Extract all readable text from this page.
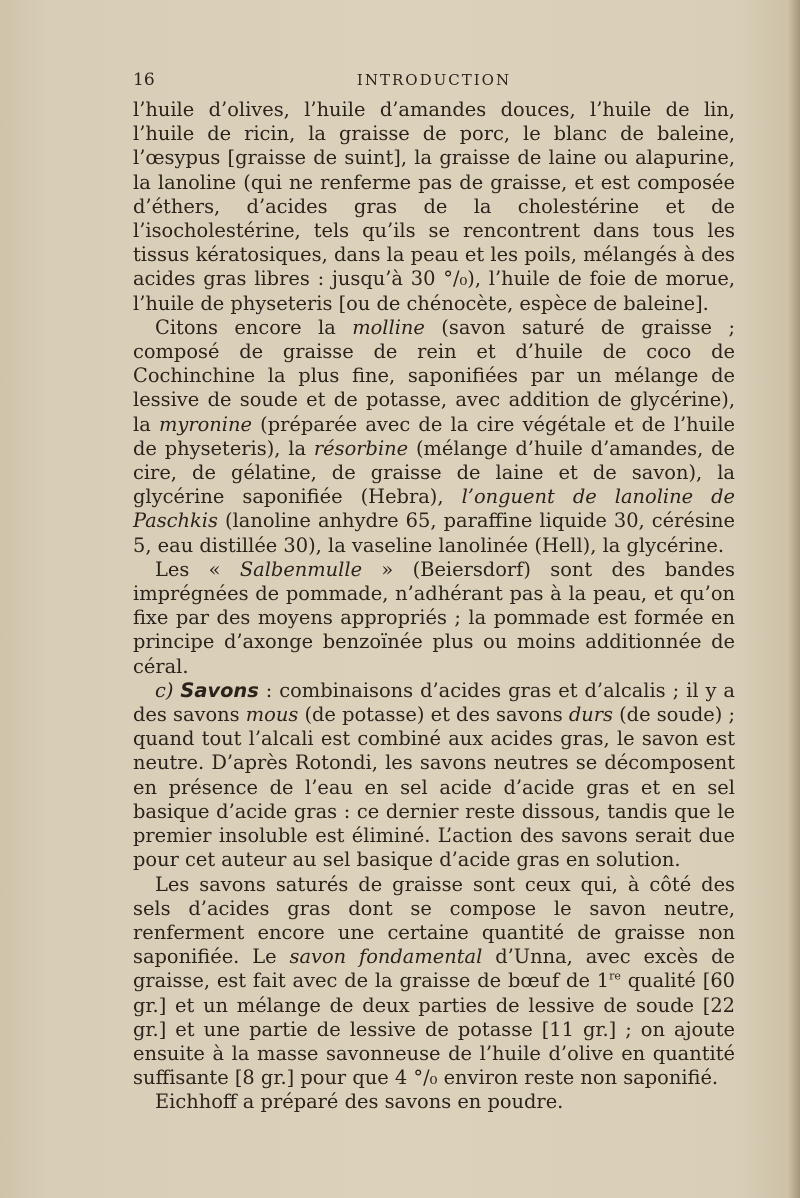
16	INTRODUCTION

l’huile d’olives, l’huile d’amandes douces, l’huile de lin, l’huile de ricin, la graisse de porc, le blanc de baleine, l’œsypus [graisse de suint], la graisse de laine ou alapurine, la lanoline (qui ne renferme pas de graisse, et est composée d’éthers, d’acides gras de la cholestérine et de l’isocholestérine, tels qu’ils se rencontrent dans tous les tissus kératosiques, dans la peau et les poils, mélangés à des acides gras libres : jusqu’à 30 °/₀), l’huile de foie de morue, l’huile de physeteris [ou de chénocète, espèce de baleine].

Citons encore la molline (savon saturé de graisse ; composé de graisse de rein et d’huile de coco de Cochinchine la plus fine, saponifiées par un mélange de lessive de soude et de potasse, avec addition de glycérine), la myronine (préparée avec de la cire végétale et de l’huile de physeteris), la résorbine (mélange d’huile d’amandes, de cire, de gélatine, de graisse de laine et de savon), la glycérine saponifiée (Hebra), l’onguent de lanoline de Paschkis (lanoline anhydre 65, paraffine liquide 30, cérésine 5, eau distillée 30), la vaseline lanolinée (Hell), la glycérine.

Les « Salbenmulle » (Beiersdorf) sont des bandes imprégnées de pommade, n’adhérant pas à la peau, et qu’on fixe par des moyens appropriés ; la pommade est formée en principe d’axonge benzoïnée plus ou moins additionnée de céral.

c) Savons : combinaisons d’acides gras et d’alcalis ; il y a des savons mous (de potasse) et des savons durs (de soude) ; quand tout l’alcali est combiné aux acides gras, le savon est neutre. D’après Rotondi, les savons neutres se décomposent en présence de l’eau en sel acide d’acide gras et en sel basique d’acide gras : ce dernier reste dissous, tandis que le premier insoluble est éliminé. L’action des savons serait due pour cet auteur au sel basique d’acide gras en solution.

Les savons saturés de graisse sont ceux qui, à côté des sels d’acides gras dont se compose le savon neutre, renferment encore une certaine quantité de graisse non saponifiée. Le savon fondamental d’Unna, avec excès de graisse, est fait avec de la graisse de bœuf de 1re qualité [60 gr.] et un mélange de deux parties de lessive de soude [22 gr.] et une partie de lessive de potasse [11 gr.] ; on ajoute ensuite à la masse savonneuse de l’huile d’olive en quantité suffisante [8 gr.] pour que 4 °/₀ environ reste non saponifié.

Eichhoff a préparé des savons en poudre.
